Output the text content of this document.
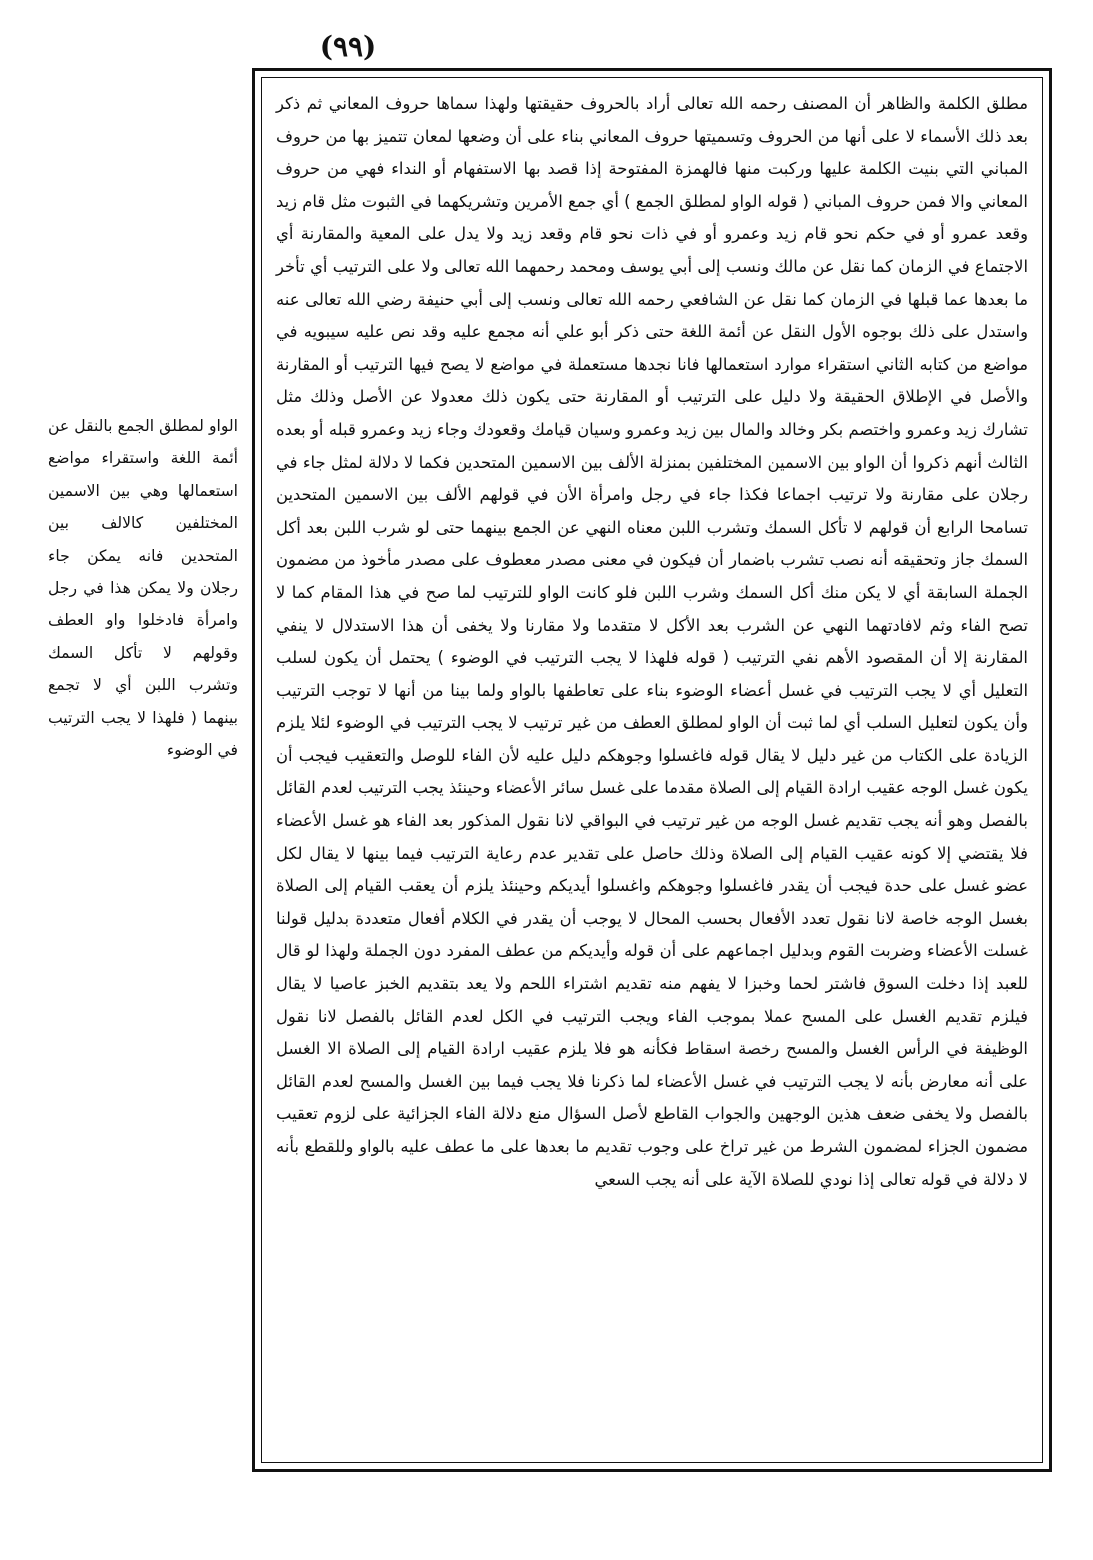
(٩٩)
الواو لمطلق الجمع بالنقل عن أئمة اللغة واستقراء مواضع استعمالها وهي بين الاسمين المختلفين كالالف بين المتحدين فانه يمكن جاء رجلان ولا يمكن هذا في رجل وامرأة فادخلوا واو العطف وقولهم لا تأكل السمك وتشرب اللبن أي لا تجمع بينهما ( فلهذا لا يجب الترتيب في الوضوء

مطلق الكلمة والظاهر أن المصنف رحمه الله تعالى أراد بالحروف حقيقتها ولهذا سماها حروف المعاني ثم ذكر بعد ذلك الأسماء لا على أنها من الحروف وتسميتها حروف المعاني بناء على أن وضعها لمعان تتميز بها من حروف المباني التي بنيت الكلمة عليها وركبت منها فالهمزة المفتوحة إذا قصد بها الاستفهام أو النداء فهي من حروف المعاني والا فمن حروف المباني ( قوله الواو لمطلق الجمع ) أي جمع الأمرين وتشريكهما في الثبوت مثل قام زيد وقعد عمرو أو في حكم نحو قام زيد وعمرو أو في ذات نحو قام وقعد زيد ولا يدل على المعية والمقارنة أي الاجتماع في الزمان كما نقل عن مالك ونسب إلى أبي يوسف ومحمد رحمهما الله تعالى ولا على الترتيب أي تأخر ما بعدها عما قبلها في الزمان كما نقل عن الشافعي رحمه الله تعالى ونسب إلى أبي حنيفة رضي الله تعالى عنه واستدل على ذلك بوجوه الأول النقل عن أئمة اللغة حتى ذكر أبو علي أنه مجمع عليه وقد نص عليه سيبويه في مواضع من كتابه الثاني استقراء موارد استعمالها فانا نجدها مستعملة في مواضع لا يصح فيها الترتيب أو المقارنة والأصل في الإطلاق الحقيقة ولا دليل على الترتيب أو المقارنة حتى يكون ذلك معدولا عن الأصل وذلك مثل تشارك زيد وعمرو واختصم بكر وخالد والمال بين زيد وعمرو وسيان قيامك وقعودك وجاء زيد وعمرو قبله أو بعده الثالث أنهم ذكروا أن الواو بين الاسمين المختلفين بمنزلة الألف بين الاسمين المتحدين فكما لا دلالة لمثل جاء في رجلان على مقارنة ولا ترتيب اجماعا فكذا جاء في رجل وامرأة الأن في قولهم الألف بين الاسمين المتحدين تسامحا الرابع أن قولهم لا تأكل السمك وتشرب اللبن معناه النهي عن الجمع بينهما حتى لو شرب اللبن بعد أكل السمك جاز وتحقيقه أنه نصب تشرب باضمار أن فيكون في معنى مصدر معطوف على مصدر مأخوذ من مضمون الجملة السابقة أي لا يكن منك أكل السمك وشرب اللبن فلو كانت الواو للترتيب لما صح في هذا المقام كما لا تصح الفاء وثم لافادتهما النهي عن الشرب بعد الأكل لا متقدما ولا مقارنا ولا يخفى أن هذا الاستدلال لا ينفي المقارنة إلا أن المقصود الأهم نفي الترتيب ( قوله فلهذا لا يجب الترتيب في الوضوء ) يحتمل أن يكون لسلب التعليل أي لا يجب الترتيب في غسل أعضاء الوضوء بناء على تعاطفها بالواو ولما بينا من أنها لا توجب الترتيب وأن يكون لتعليل السلب أي لما ثبت أن الواو لمطلق العطف من غير ترتيب لا يجب الترتيب في الوضوء لئلا يلزم الزيادة على الكتاب من غير دليل لا يقال قوله فاغسلوا وجوهكم دليل عليه لأن الفاء للوصل والتعقيب فيجب أن يكون غسل الوجه عقيب ارادة القيام إلى الصلاة مقدما على غسل سائر الأعضاء وحينئذ يجب الترتيب لعدم القائل بالفصل وهو أنه يجب تقديم غسل الوجه من غير ترتيب في البواقي لانا نقول المذكور بعد الفاء هو غسل الأعضاء فلا يقتضي إلا كونه عقيب القيام إلى الصلاة وذلك حاصل على تقدير عدم رعاية الترتيب فيما بينها لا يقال لكل عضو غسل على حدة فيجب أن يقدر فاغسلوا وجوهكم واغسلوا أيديكم وحينئذ يلزم أن يعقب القيام إلى الصلاة بغسل الوجه خاصة لانا نقول تعدد الأفعال بحسب المحال لا يوجب أن يقدر في الكلام أفعال متعددة بدليل قولنا غسلت الأعضاء وضربت القوم وبدليل اجماعهم على أن قوله وأيديكم من عطف المفرد دون الجملة ولهذا لو قال للعبد إذا دخلت السوق فاشتر لحما وخبزا لا يفهم منه تقديم اشتراء اللحم ولا يعد بتقديم الخبز عاصيا لا يقال فيلزم تقديم الغسل على المسح عملا بموجب الفاء ويجب الترتيب في الكل لعدم القائل بالفصل لانا نقول الوظيفة في الرأس الغسل والمسح رخصة اسقاط فكأنه هو فلا يلزم عقيب ارادة القيام إلى الصلاة الا الغسل على أنه معارض بأنه لا يجب الترتيب في غسل الأعضاء لما ذكرنا فلا يجب فيما بين الغسل والمسح لعدم القائل بالفصل ولا يخفى ضعف هذين الوجهين والجواب القاطع لأصل السؤال منع دلالة الفاء الجزائية على لزوم تعقيب مضمون الجزاء لمضمون الشرط من غير تراخ على وجوب تقديم ما بعدها على ما عطف عليه بالواو وللقطع بأنه لا دلالة في قوله تعالى إذا نودي للصلاة الآية على أنه يجب السعي
